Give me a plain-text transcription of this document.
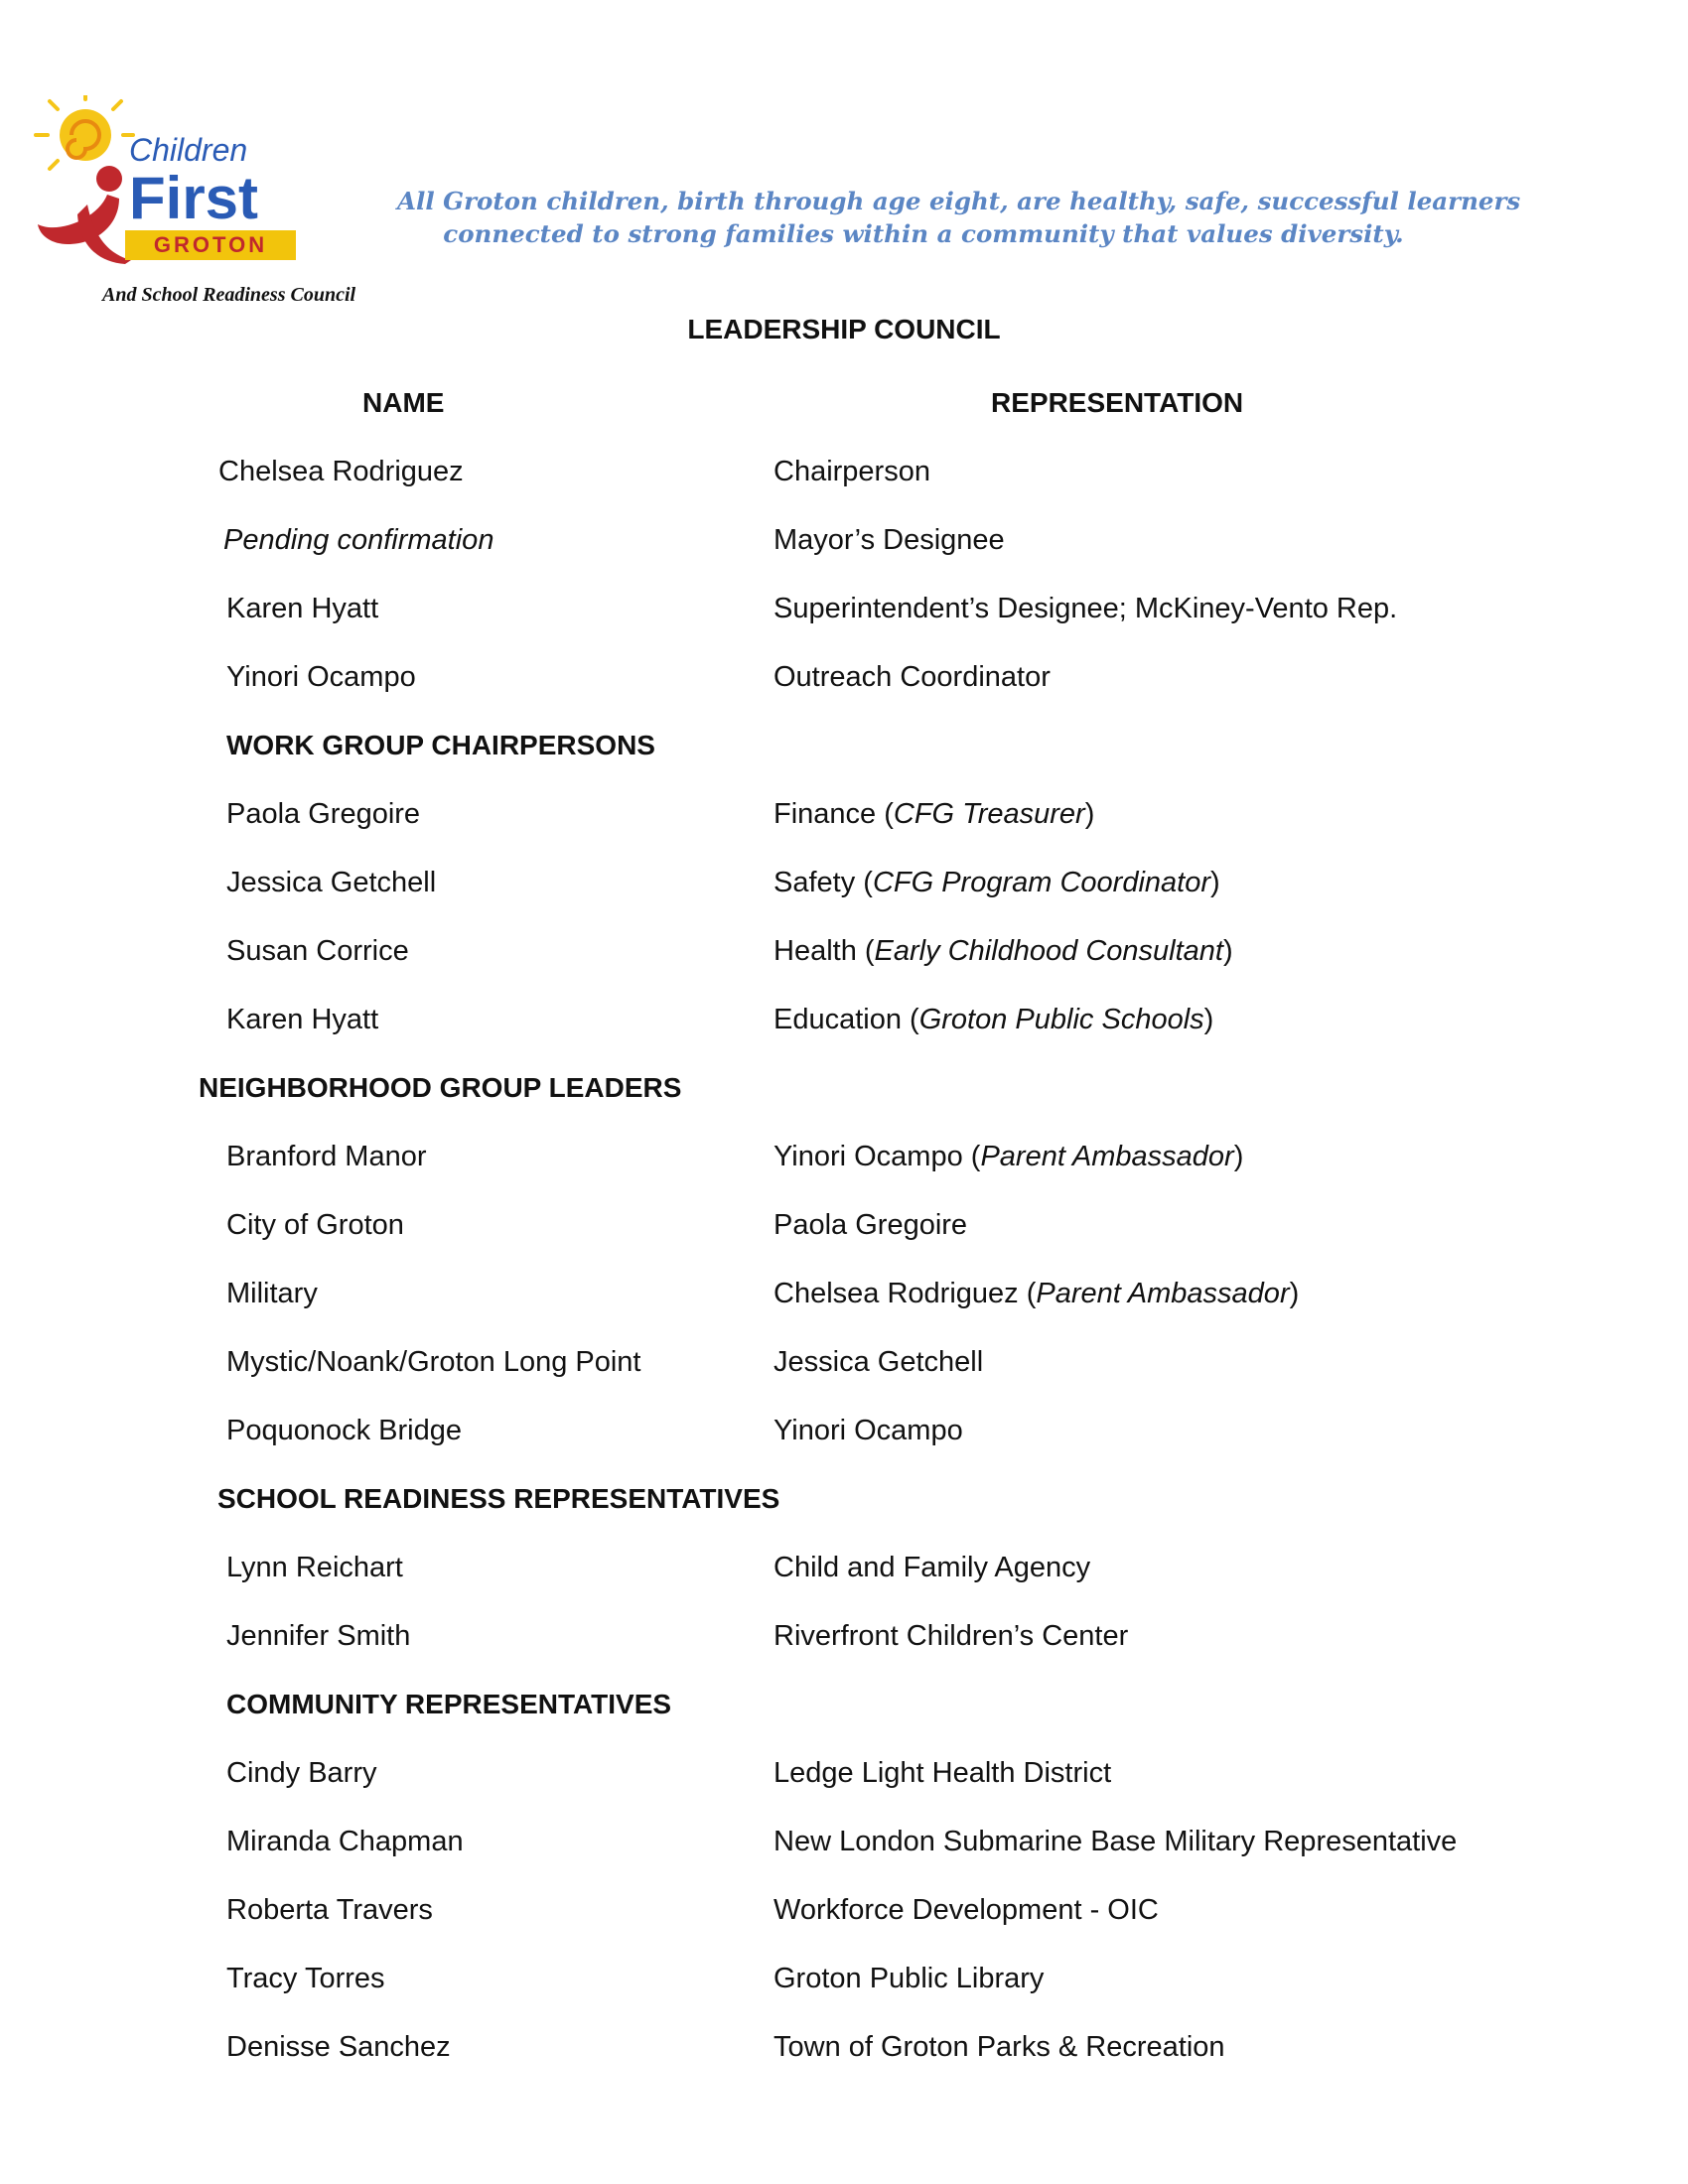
Children
First
GROTON
And School Readiness Council
All Groton children, birth through age eight, are healthy, safe, successful learners
connected to strong families within a community that values diversity.
LEADERSHIP COUNCIL
NAME	REPRESENTATION
Chelsea Rodriguez	Chairperson
Pending confirmation	Mayor’s Designee
Karen Hyatt	Superintendent’s Designee; McKiney-Vento Rep.
Yinori Ocampo	Outreach Coordinator
WORK GROUP CHAIRPERSONS
Paola Gregoire	Finance (CFG Treasurer)
Jessica Getchell	Safety (CFG Program Coordinator)
Susan Corrice	Health (Early Childhood Consultant)
Karen Hyatt	Education (Groton Public Schools)
NEIGHBORHOOD GROUP LEADERS
Branford Manor	Yinori Ocampo (Parent Ambassador)
City of Groton	Paola Gregoire
Military	Chelsea Rodriguez (Parent Ambassador)
Mystic/Noank/Groton Long Point	Jessica Getchell
Poquonock Bridge	Yinori Ocampo
SCHOOL READINESS REPRESENTATIVES
Lynn Reichart	Child and Family Agency
Jennifer Smith	Riverfront Children’s Center
COMMUNITY REPRESENTATIVES
Cindy Barry	Ledge Light Health District
Miranda Chapman	New London Submarine Base Military Representative
Roberta Travers	Workforce Development - OIC
Tracy Torres	Groton Public Library
Denisse Sanchez	Town of Groton Parks & Recreation
